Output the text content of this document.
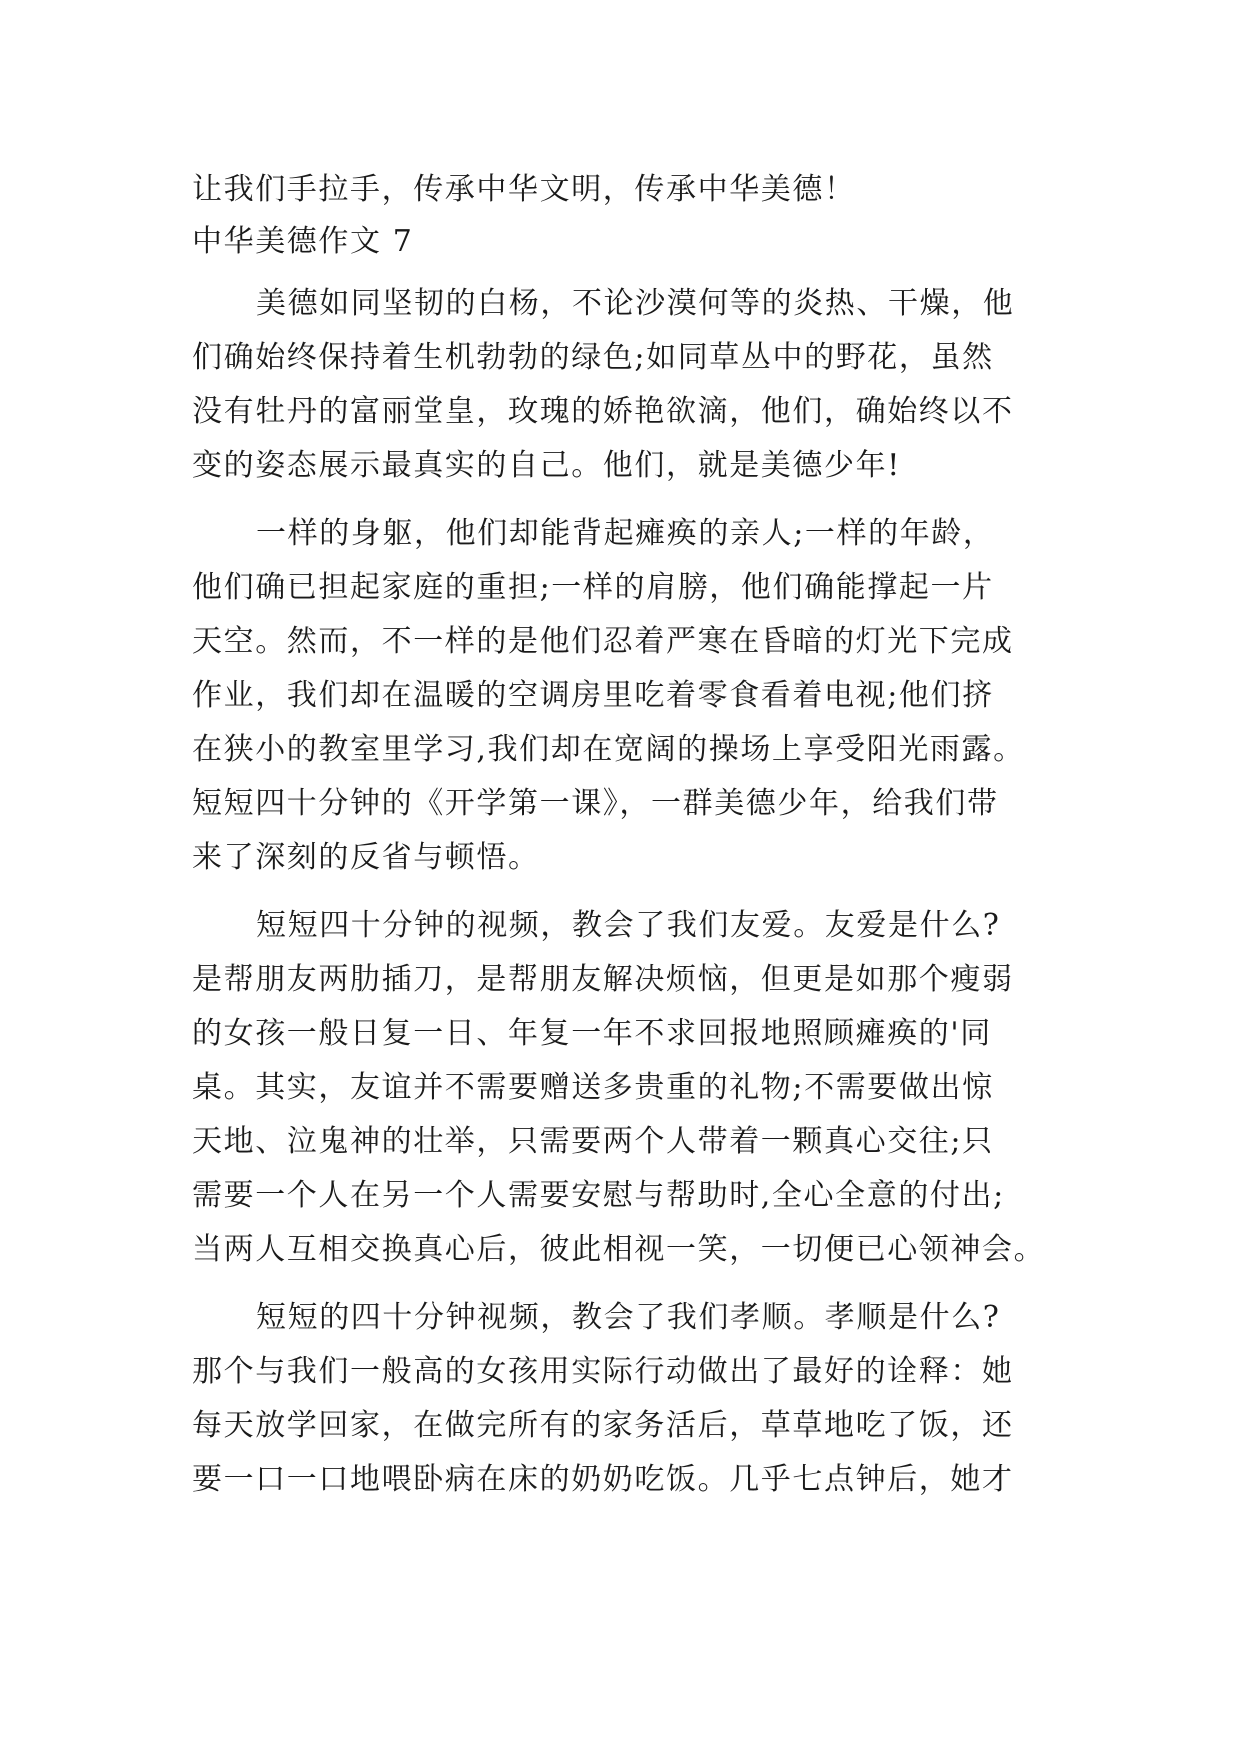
让我们手拉手，传承中华文明，传承中华美德！
中华美德作文 7
美德如同坚韧的白杨，不论沙漠何等的炎热、干燥，他
们确始终保持着生机勃勃的绿色;如同草丛中的野花，虽然
没有牡丹的富丽堂皇，玫瑰的娇艳欲滴，他们，确始终以不
变的姿态展示最真实的自己。他们，就是美德少年!
一样的身躯，他们却能背起瘫痪的亲人;一样的年龄，
他们确已担起家庭的重担;一样的肩膀，他们确能撑起一片
天空。然而，不一样的是他们忍着严寒在昏暗的灯光下完成
作业，我们却在温暖的空调房里吃着零食看着电视;他们挤
在狭小的教室里学习,我们却在宽阔的操场上享受阳光雨露。
短短四十分钟的《开学第一课》，一群美德少年，给我们带
来了深刻的反省与顿悟。
短短四十分钟的视频，教会了我们友爱。友爱是什么?
是帮朋友两肋插刀，是帮朋友解决烦恼，但更是如那个瘦弱
的女孩一般日复一日、年复一年不求回报地照顾瘫痪的'同
桌。其实，友谊并不需要赠送多贵重的礼物;不需要做出惊
天地、泣鬼神的壮举，只需要两个人带着一颗真心交往;只
需要一个人在另一个人需要安慰与帮助时,全心全意的付出;
当两人互相交换真心后，彼此相视一笑，一切便已心领神会。
短短的四十分钟视频，教会了我们孝顺。孝顺是什么?
那个与我们一般高的女孩用实际行动做出了最好的诠释：她
每天放学回家，在做完所有的家务活后，草草地吃了饭，还
要一口一口地喂卧病在床的奶奶吃饭。几乎七点钟后，她才
